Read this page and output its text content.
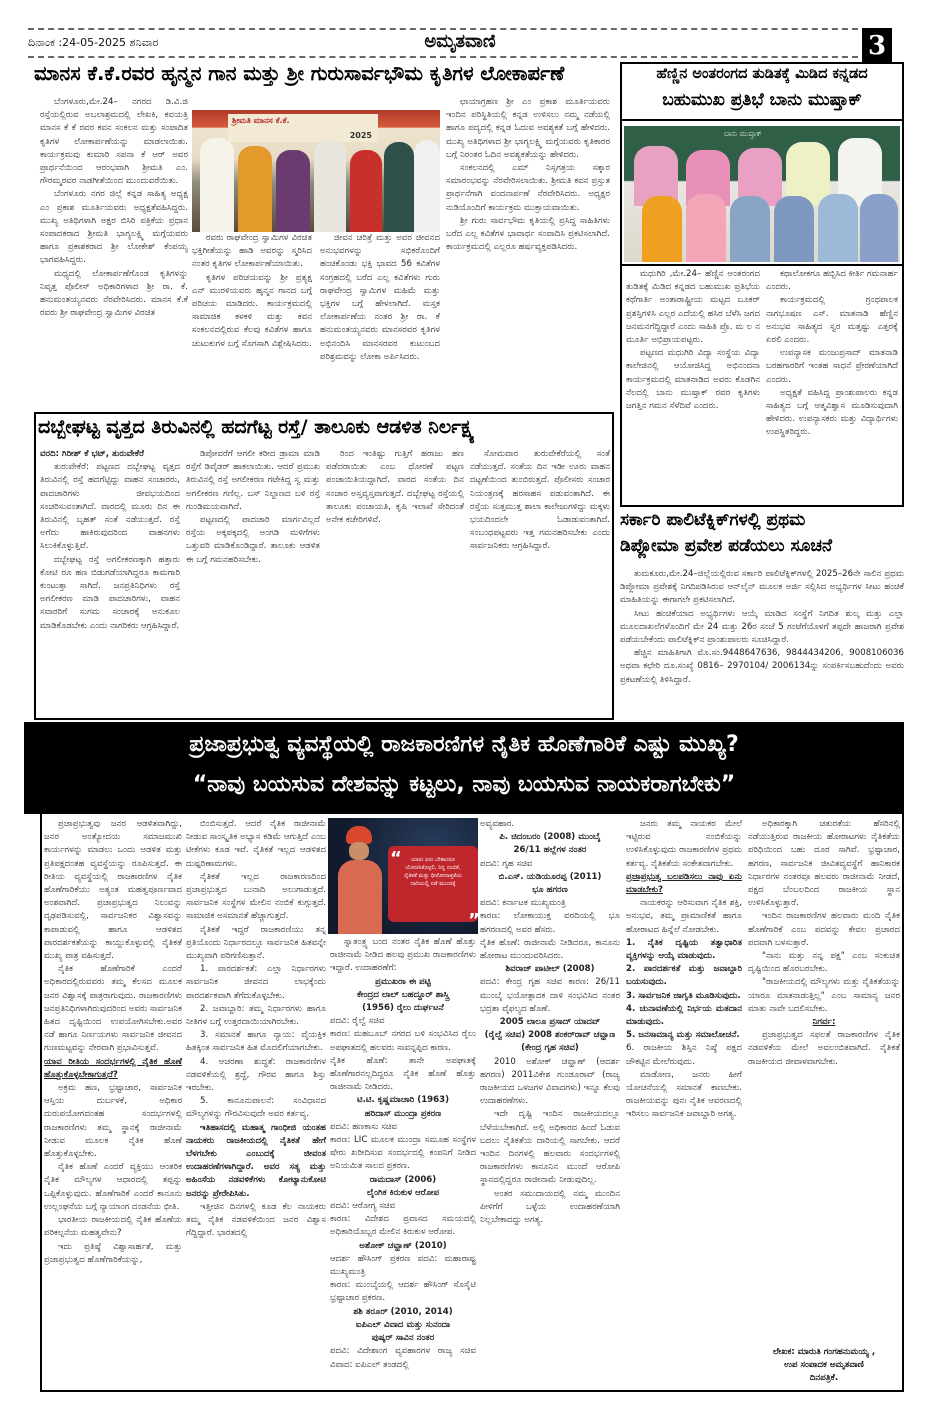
ದಿನಾಂಕ :24-05-2025 ಶನಿವಾರ	ಅಮೃತವಾಣಿ	3
ಮಾನಸ ಕೆ.ಕೆ.ರವರ ಹೃನ್ಮನ ಗಾನ ಮತ್ತು ಶ್ರೀ ಗುರುಸಾರ್ವಭೌಮ ಕೃತಿಗಳ ಲೋಕಾರ್ಪಣೆ

ಬೆಂಗಳೂರು,ಮೇ.24– ನಗರದ ಡಿ.ವಿ.ಜಿ ರಸ್ತೆಯಲ್ಲಿರುವ ಅಬಲಾಶ್ರಮದಲ್ಲಿ ಲೇಖಕಿ, ಕವಯತ್ರಿ ಮಾನಸ ಕೆ ಕೆ ರವರ ಕವನ ಸಂಕಲನ ಮತ್ತು ಸಂಪಾದಿತ ಕೃತಿಗಳ ಲೋಕಾರ್ಪಣೆಯನ್ನು ಮಾಡಲಾಯಿತು. ಕಾರ್ಯಕ್ರಮವು ಕುಮಾರಿ ಸಪನಾ ಕೆ ಆರ್ ಅವರ ಪ್ರಾರ್ಥನೆಯಿಂದ ಆರಂಭವಾಗಿ ಶ್ರೀಮತಿ ಎಂ. ಗೌರಮ್ಮರವರ ನಾಡಗೀತೆಯಿಂದ ಮುಂದುವರೆಯಿತು.

ಬೆಂಗಳೂರು ನಗರ ಜಿಲ್ಲೆ ಕನ್ನಡ ಸಾಹಿತ್ಯ ಅಧ್ಯಕ್ಷ ಎಂ ಪ್ರಕಾಶ ಮೂರ್ತಿಯವರು ಅಧ್ಯಕ್ಷತೆವಹಿಸಿದ್ದರು. ಮುಖ್ಯ ಅತಿಥಿಗಳಾಗಿ ಅಕ್ಷರ ಬಿಸಿರಿ ಪತ್ರಿಕೆಯ ಪ್ರಧಾನ ಸಂಪಾದಕರಾದ ಶ್ರೀಮತಿ ಭಾಗ್ಯಲಕ್ಷ್ಮಿ ಮಗ್ಗೆಯವರು ಹಾಗೂ ಪ್ರಕಾಶಕರಾದ ಶ್ರೀ ಲೋಕೇಶ್ ಕೆಂಪಯ್ಯ ಭಾಗವಹಿಸಿದ್ದರು.

ಮಧ್ಯದಲ್ಲಿ ಲೋಕಾರ್ಪಣೆಗೊಂಡ ಕೃತಿಗಳನ್ನು ನಿವೃತ್ತ ಪೊಲೀಸ್ ಅಧಿಕಾರಿಗಳಾದ ಶ್ರೀ ರಾ. ಕೆ. ಹನುಮಂತಯ್ಯನವರು ನೆರವೇರಿಸಿದರು. ಮಾನಸ ಕೆ.ಕೆ ರವರು ಶ್ರೀ ರಾಘವೇಂದ್ರ ಸ್ವಾಮಿಗಳ ವಿರಚಿತ

ಶ್ರೀಮತಿ ಮಾನಸ ಕೆ.ಕೆ.
2025

ರವರು ರಾಘವೇಂದ್ರ ಸ್ವಾಮಿಗಳ ವಿರಚಿತ ಭಕ್ತಿಗೀತೆಯನ್ನು ಹಾಡಿ ಅವರನ್ನು ಸ್ಮರಿಸಿದ ನಂತರ ಕೃತಿಗಳ ಲೋಕಾರ್ಪಣೆಯಾಯಿತು.

ಕೃತಿಗಳ ಪರಿಚಯವನ್ನು ಶ್ರೀ ಪ್ರತ್ಯಕ್ಷ ಎನ್ ಮುರಳಿಯವರು ಹೃನ್ಮನ ಗಾನದ ಬಗ್ಗೆ ಪರಿಚಯ ಮಾಡಿದರು. ಕಾರ್ಯಕ್ರಮದಲ್ಲಿ ಸಾಮಾಜಿಕ ಕಳಕಳಿ ಮತ್ತು ಕವನ ಸಂಕಲನದಲ್ಲಿರುವ ಕೆಲವು ಕವಿತೆಗಳ ಹಾಗೂ ಚುಟುಕುಗಳ ಬಗ್ಗೆ ಸೊಗಸಾಗಿ ವಿಶ್ಲೇಷಿಸಿದರು.

ಜೀವನ ಚರಿತ್ರೆ ಮತ್ತು ಅವರ ಜೀವನದ ಅನುಭವಗಳನ್ನು ಸಭಿಕರೊಂದಿಗೆ ಹಂಚಿಕೊಂಡು ಭಕ್ತಿ ಭಾವದ 56 ಕವಿತೆಗಳ ಸಂಗ್ರಹದಲ್ಲಿ ಬರೆದ ಎಲ್ಲ ಕವಿತೆಗಳು ಗುರು ರಾಘವೇಂದ್ರ ಸ್ವಾಮಿಗಳ ಮಹಿಮೆ ಮತ್ತು ಭಕ್ತಿಗಳ ಬಗ್ಗೆ ಹೇಳಲಾಗಿದೆ. ಮಸ್ತಕ ಲೋಕಾರ್ಪಣೆಯ ನಂತರ ಶ್ರೀ ರಾ. ಕೆ ಹನುಮಂತಯ್ಯನವರು ಮಾನಸರವರ ಕೃತಿಗಳ ಅಭಿನಂದಿಸಿ ಮಾನಸರವರ ಕುಟುಂಬದ ಪರಿಶ್ರಮವನ್ನು ಲೋಕಾ ಅರ್ಪಿಸಿದರು.

ಛಾಯಾಗ್ರಹಣ ಶ್ರೀ ಎಂ ಪ್ರಕಾಶ ಮೂರ್ತಿಯವರು ಇಂದಿನ ಪರಿಸ್ಥಿತಿಯಲ್ಲಿ ಕನ್ನಡ ಉಳಿಸಲು ನಮ್ಮ ನಡೆಯಲ್ಲಿ ಹಾಗೂ ಪದ್ಯದಲ್ಲಿ ಕನ್ನಡ ಓದುವ ಅವಶ್ಯಕತೆ ಬಗ್ಗೆ ಹೇಳಿದರು. ಮುಖ್ಯ ಅತಿಥಿಗಳಾದ ಶ್ರೀ ಭಾಗ್ಯಲಕ್ಷ್ಮಿ ಮಗ್ಗೆಯವರು ಕೃತಿಕಾರರ ಬಗ್ಗೆ ನಿರಂತರ ಓದಿನ ಅವಶ್ಯಕತೆಯನ್ನು ಹೇಳಿದರು.

ಸಂಕಲನದಲ್ಲಿ ಎಮ್ ನಿಸ್ಸಗತ್ರಯ ಸತ್ಕಾರ ಸಮಾರಂಭವನ್ನು ನೆರವೇರಿಸಲಾಯಿತು. ಶ್ರೀಮತಿ ಕವನ ಪ್ರಸ್ತುತ ಪ್ರಾರ್ಥನೆಗಾಗಿ ವಂದನಾರ್ಪಣೆ ನೆರವೇರಿಸಿದರು. ಅಧ್ಯಕ್ಷರ ನುಡಿಯೊಂದಿಗೆ ಕಾರ್ಯಕ್ರಮ ಮುಕ್ತಾಯವಾಯಿತು.

ಶ್ರೀ ಗುರು ಸಾರ್ವಭೌಮ ಕೃತಿಯಲ್ಲಿ ಪ್ರಸಿದ್ಧ ಸಾಹಿತಿಗಳು ಬರೆದ ಎಲ್ಲ ಕವಿತೆಗಳ ಭಾವಾರ್ಥ ಸಂಪಾದಿಸಿ ಪ್ರಕಟಿಸಲಾಗಿದೆ. ಕಾರ್ಯಕ್ರಮದಲ್ಲಿ ಎಲ್ಲರೂ ಹರ್ಷವ್ಯಕ್ತಪಡಿಸಿದರು.

ಹೆಣ್ಣಿನ ಅಂತರಂಗದ ತುಡಿತಕ್ಕೆ ಮಿಡಿದ ಕನ್ನಡದ
ಬಹುಮುಖ ಪ್ರತಿಭೆ ಬಾನು ಮುಷ್ತಾಕ್
ಬಾನು ಮುಷ್ತಾಕ್

ಮಧುಗಿರಿ ,ಮೇ.24– ಹೆಣ್ಣಿನ ಅಂತರಂಗದ ತುಡಿತಕ್ಕೆ ಮಿಡಿದ ಕನ್ನಡದ ಬಹುಮುಖ ಪ್ರತಿಭೆಯ ಕಥೆಗಾರ್ತಿ ಅಂತಾರಾಷ್ಟ್ರೀಯ ಮಟ್ಟದ ಬೂಕರ್ ಪ್ರಶಸ್ತಿಗಳಿಸಿ ಎಲ್ಲರ ಎದೆಯಲ್ಲಿ ಹಸಿರ ಬೆಳೆಸಿ ಜಗದ ಜನಮನಗೆದ್ದಿದ್ದಾರೆ ಎಂದು ಸಾಹಿತಿ ಪ್ರೊ. ಮ ಲ ನ ಮೂರ್ತಿ ಅಭಿಪ್ರಾಯಪಟ್ಟರು.

ಪಟ್ಟಣದ ಮಧುಗಿರಿ ವಿದ್ಯಾ ಸಂಸ್ಥೆಯ ವಿದ್ಯಾ ಕಾಲೇಜಿನಲ್ಲಿ ಆಯೋಜಿಸಿದ್ದ ಅಭಿನಂದನಾ ಕಾರ್ಯಕ್ರಮದಲ್ಲಿ ಮಾತನಾಡಿದ ಅವರು ಕೊಡಗಿನ ನೆಲದಲ್ಲಿ ಬಾನು ಮುಷ್ತಾಕ್ ರವರ ಕೃತಿಗಳು ಜಗತ್ತಿನ ಗಮನ ಸೆಳೆದಿವೆ ಎಂದರು.

ಕಥಾಲೋಕಗೂ ಹಬ್ಬಿಸಿದ ಕೀರ್ತಿ ಗಮನಾರ್ಹ ಎಂದರು.

ಕಾರ್ಯಕ್ರಮದಲ್ಲಿ ಗ್ರಂಥಪಾಲಕ ನಾಗಭೂಷಣ ಎಸ್. ಮಾತನಾಡಿ ಹೆಣ್ಣಿನ ಅನುಭವ ಸಾಹಿತ್ಯದ ಸ್ವರ ಮತ್ತಷ್ಟು ಎತ್ತರಕ್ಕೆ ಏರಲಿ ಎಂದರು.

ಉಪನ್ಯಾಸಕ ಮಂಜುಪ್ರಸಾದ್ ಮಾತನಾಡಿ ಬರಹಗಾರರಿಗೆ ಇಂತಹ ಸಾಧನೆ ಪ್ರೇರಣೆಯಾಗಿದೆ ಎಂದರು.

ಅಧ್ಯಕ್ಷತೆ ವಹಿಸಿದ್ದ ಪ್ರಾಂಶುಪಾಲರು ಕನ್ನಡ ಸಾಹಿತ್ಯದ ಬಗ್ಗೆ ಆತ್ಮವಿಶ್ವಾಸ ಮೂಡಿಸುವುದಾಗಿ ಹೇಳಿದರು. ಉಪನ್ಯಾಸಕರು ಮತ್ತು ವಿದ್ಯಾರ್ಥಿಗಳು ಉಪಸ್ಥಿತರಿದ್ದರು.

ಸರ್ಕಾರಿ ಪಾಲಿಟೆಕ್ನಿಕ್‌ಗಳಲ್ಲಿ ಪ್ರಥಮ
ಡಿಪ್ಲೋಮಾ ಪ್ರವೇಶ ಪಡೆಯಲು ಸೂಚನೆ

ತುಮಕೂರು,ಮೇ.24–ಜಿಲ್ಲೆಯಲ್ಲಿರುವ ಸರ್ಕಾರಿ ಪಾಲಿಟೆಕ್ನಿಕ್‌ಗಳಲ್ಲಿ 2025–26ನೇ ಸಾಲಿನ ಪ್ರಥಮ ಡಿಪ್ಲೋಮಾ ಪ್ರವೇಶಕ್ಕೆ ನಿಗದಿಪಡಿಸಿರುವ ಆನ್‌ಲೈನ್ ಮೂಲಕ ಅರ್ಜಿ ಸಲ್ಲಿಸಿದ ಅಭ್ಯರ್ಥಿಗಳ ಸೀಟು ಹಂಚಿಕೆ ಮಾಹಿತಿಯನ್ನು ಈಗಾಗಲೇ ಪ್ರಕಟಿಸಲಾಗಿದೆ.

ಸೀಟು ಹಂಚಿಕೆಯಾದ ಅಭ್ಯರ್ಥಿಗಳು ಆಯ್ಕೆ ಮಾಡಿದ ಸಂಸ್ಥೆಗೆ ನಿಗದಿತ ಶುಲ್ಕ ಮತ್ತು ಎಲ್ಲಾ ಮೂಲದಾಖಲೆಗಳೊಂದಿಗೆ ಮೇ 24 ಮತ್ತು 26ರ ಸಂಜೆ 5 ಗಂಟೆಗೆಯೊಳಗೆ ತಪ್ಪದೇ ಹಾಜರಾಗಿ ಪ್ರವೇಶ ಪಡೆಯಬೇಕೆಂದು ಪಾಲಿಟೆಕ್ನಿಕ್‌ನ ಪ್ರಾಂಶುಪಾಲರು ಸೂಚಿಸಿದ್ದಾರೆ.

ಹೆಚ್ಚಿನ ಮಾಹಿತಿಗಾಗಿ ಮೊ.ಸಂ.9448647636, 9844434206, 9008106036 ಅಥವಾ ಕಛೇರಿ ದೂ.ಸಂಖ್ಯೆ 0816– 2970104/ 2006134ನ್ನು ಸಂಪರ್ಕಿಸಬಹುದೆಂದು ಅವರು ಪ್ರಕಟಣೆಯಲ್ಲಿ ತಿಳಿಸಿದ್ದಾರೆ.

ದಬ್ಬೇಘಟ್ಟ ವೃತ್ತದ ತಿರುವಿನಲ್ಲಿ ಹದಗೆಟ್ಟ ರಸ್ತೆ/ ತಾಲೂಕು ಆಡಳಿತ ನಿರ್ಲಕ್ಷ್ಯ

ವರದಿ: ಗಿರೀಶ್ ಕೆ ಭಟ್, ತುರುವೇಕೆರೆ

ತುರುವೇಕೆರೆ: ಪಟ್ಟಣದ ದಬ್ಬೇಘಟ್ಟ ವೃತ್ತದ ತಿರುವಿನಲ್ಲಿ ರಸ್ತೆ ಹದಗೆಟ್ಟಿದ್ದು ವಾಹನ ಸಂಚಾರರು, ಪಾದಚಾರಿಗಳು ಜೀವಭಯದಿಂದ ಸಂಚರಿಸುವಂತಾಗಿದೆ. ವಾರದಲ್ಲಿ ಮೂರು ದಿನ ಈ ತಿರುವಿನಲ್ಲಿ ಬೃಹತ್ ಸಂತೆ ನಡೆಯುತ್ತದೆ. ರಸ್ತೆ ಅಗೆದು ಹಾಕಿರುವುದರಿಂದ ವಾಹನಗಳು ಸಿಲುಕಿಕೊಳ್ಳುತ್ತಿವೆ.

ದಬ್ಬೇಘಟ್ಟ ರಸ್ತೆ ಅಗಲೀಕರಣಕ್ಕಾಗಿ ಹತ್ತಾರು ಕೋಟಿ ರೂ ಹಣ ಬಿಡುಗಡೆಯಾಗಿದ್ದರೂ ಕಾಮಗಾರಿ ಕುಂಟುತ್ತಾ ಸಾಗಿದೆ. ಜನಪ್ರತಿನಿಧಿಗಳು ರಸ್ತೆ ಅಗಲೀಕರಣ ಮಾಡಿ ಪಾದಚಾರಿಗಳು, ವಾಹನ ಸವಾರರಿಗೆ ಸುಗಮ ಸಂಚಾರಕ್ಕೆ ಅನುಕೂಲ ಮಾಡಿಕೊಡಬೇಕು ಎಂದು ನಾಗರಿಕರು ಆಗ್ರಹಿಸಿದ್ದಾರೆ.

ಡಿಪೋವರೆಗೆ ಆಗಲೀ ಕರೀದ ಡ್ರಾಮಾ ಮಾಡಿ ರಸ್ತೆಗೆ ಡಿವೈಡರ್ ಹಾಕಲಾಯಿತು. ಆದರೆ ಪ್ರಮುಖ ತಿರುವಿನಲ್ಲಿ ರಸ್ತೆ ಅಗಲೀಕರಣ ಗಟೇಕಿದ್ದ ಸ್ವ ಮತ್ತು ಅಗಲೀಕರಣ ಗಣಿಲ್ಲ. ಬಸ್ ನಿಲ್ದಾಣದ ಬಳಿ ರಸ್ತೆ ಗುಂಡಿಮಯವಾಗಿದೆ.

ಪಟ್ಟಣದಲ್ಲಿ ಪಾದಚಾರಿ ಮಾರ್ಗವಿಲ್ಲದೆ ರಸ್ತೆಯ ಅಕ್ಕಪಕ್ಕದಲ್ಲಿ ಅಂಗಡಿ ಮಳಿಗೆಗಳು ಒತ್ತುವರಿ ಮಾಡಿಕೊಂಡಿದ್ದಾರೆ. ತಾಲೂಕು ಆಡಳಿತ ಈ ಬಗ್ಗೆ ಗಮನಹರಿಸಬೇಕು.

ರಿಂದ ಇಂತಿಷ್ಟು ಗುತ್ತಿಗೆ ಹರಾಜು ಹಣ ಪಡೆದರಾಯಿತು ಎಂಬ ಧೋರಣೆ ಪಟ್ಟಣ ಪಂಚಾಯಿತಿಯದ್ದಾಗಿದೆ. ವಾರದ ಸಂತೆಯ ದಿನ ಸಂಚಾರ ಅಸ್ತವ್ಯಸ್ತವಾಗುತ್ತದೆ. ದಬ್ಬೇಘಟ್ಟ ರಸ್ತೆಯಲ್ಲಿ ತಾಲೂಕು ಪಂಚಾಯತಿ, ಕೃಷಿ ಇಲಾಖೆ ಸೇರಿದಂತೆ ಅನೇಕ ಕಚೇರಿಗಳಿವೆ.

ಸೋಮವಾರ ತುರುವೇಕೆರೆಯಲ್ಲಿ ಸಂತೆ ನಡೆಯುತ್ತದೆ. ಸಂತೆಯ ದಿನ ಇಡೀ ಊರು ವಾಹನ ದಟ್ಟಣೆಯಿಂದ ತುಂಬಿರುತ್ತದೆ. ಪೊಲೀಸರು ಸಂಚಾರ ನಿಯಂತ್ರಣಕ್ಕೆ ಹರಸಾಹಸ ಪಡುವಂತಾಗಿದೆ. ಈ ರಸ್ತೆಯ ಸುತ್ತಮುತ್ತ ಶಾಲಾ ಕಾಲೇಜುಗಳಿದ್ದು ಮಕ್ಕಳು ಭಯದಿಂದಲೇ ಓಡಾಡುವಂತಾಗಿದೆ. ಸಂಬಂಧಪಟ್ಟವರು ಇತ್ತ ಗಮನಹರಿಸಬೇಕು ಎಂದು ಸಾರ್ವಜನಿಕರು ಆಗ್ರಹಿಸಿದ್ದಾರೆ.

ಪ್ರಜಾಪ್ರಭುತ್ವ ವ್ಯವಸ್ಥೆಯಲ್ಲಿ ರಾಜಕಾರಣಿಗಳ ನೈತಿಕ ಹೊಣೆಗಾರಿಕೆ ಎಷ್ಟು ಮುಖ್ಯ?
“ನಾವು ಬಯಸುವ ದೇಶವನ್ನು ಕಟ್ಟಲು, ನಾವು ಬಯಸುವ ನಾಯಕರಾಗಬೇಕು”

ಪ್ರಜಾಪ್ರಭುತ್ವವು ಜನರ ಆಡಳಿತವಾಗಿದ್ದು, ಜನರ ಅಂತ್ಯೋದಯ ಸಮಾಜಮುಖಿ ಕಾರ್ಯಗಳನ್ನು ಮಾಡಲು ಒಂದು ಆಡಳಿತ ಮತ್ತು ಪ್ರತಿಪಕ್ಷದಂತಹ ವ್ಯವಸ್ಥೆಯನ್ನು ರೂಪಿಸುತ್ತದೆ. ಈ ರೀತಿಯ ವ್ಯವಸ್ಥೆಯಲ್ಲಿ ರಾಜಕಾರಣಿಗಳ ನೈತಿಕ ಹೊಣೆಗಾರಿಕೆಯು ಅತ್ಯಂತ ಮಹತ್ವಪೂರ್ಣವಾದ ಅಂಶವಾಗಿದೆ. ಪ್ರಜಾಪ್ರಭುತ್ವದ ನಿಲುವನ್ನು ದೃಢಪಡಿಸುವಲ್ಲಿ, ಸಾರ್ವಜನಿಕರ ವಿಶ್ವಾಸವನ್ನು ಕಾಪಾಡುವಲ್ಲಿ ಹಾಗೂ ಆಡಳಿತದ ಪಾರದರ್ಶಕತೆಯನ್ನು ಕಾಯ್ದುಕೊಳ್ಳುವಲ್ಲಿ ನೈತಿಕತೆ ಮುಖ್ಯ ಪಾತ್ರ ವಹಿಸುತ್ತದೆ.

ನೈತಿಕ ಹೊಣೆಗಾರಿಕೆ ಎಂದರೆ ಅಧಿಕಾರದಲ್ಲಿರುವವರು ತಮ್ಮ ಕೆಲಸದ ಮೂಲಕ ಜನರ ವಿಶ್ವಾಸಕ್ಕೆ ಪಾತ್ರರಾಗುವುದು. ರಾಜಕಾರಣಿಗಳು ಜನಪ್ರತಿನಿಧಿಗಳಾಗಿರುವುದರಿಂದ ಅವರು ಸಾರ್ವಜನಿಕ ಹಿತದ ದೃಷ್ಟಿಯಿಂದ ಉಪಯೋಗಿಸಬೇಕು.ಅವರ ನಡೆ ಹಾಗೂ ನಿರ್ಣಯಗಳು ಸಾರ್ವಜನಿಕ ಜೀವನದ ಗುಣಮಟ್ಟವನ್ನು ನೇರವಾಗಿ ಪ್ರಭಾವಿಸುತ್ತವೆ.

ಯಾವ ರೀತಿಯ ಸಂದರ್ಭಗಳಲ್ಲಿ ನೈತಿಕ ಹೊಣೆ ಹೊತ್ತುಕೊಳ್ಳಬೇಕಾಗುತ್ತದೆ?

ಅಕ್ರಮ ಹಣ, ಭ್ರಷ್ಟಾಚಾರ, ಸಾರ್ವಜನಿಕ ಆಸ್ತಿಯ ದುರ್ಬಳಕೆ, ಅಧಿಕಾರ ದುರುಪಯೋಗದಂತಹ ಸಂದರ್ಭಗಳಲ್ಲಿ ರಾಜಕಾರಣಿಗಳು ತಮ್ಮ ಸ್ಥಾನಕ್ಕೆ ರಾಜೀನಾಮೆ ನೀಡುವ ಮೂಲಕ ನೈತಿಕ ಹೊಣೆ ಹೊತ್ತುಕೊಳ್ಳಬೇಕು.

ನೈತಿಕ ಹೊಣೆ ಎಂದರೆ ವ್ಯಕ್ತಿಯು ಆಂತರಿಕ ನೈತಿಕ ಮೌಲ್ಯಗಳ ಆಧಾರದಲ್ಲಿ ತಪ್ಪನ್ನು ಒಪ್ಪಿಕೊಳ್ಳುವುದು. ಹೊಣೆಗಾರಿಕೆ ಎಂದರೆ ಕಾನೂನು ಉಲ್ಲಂಘನೆಯ ಬಗ್ಗೆ ನ್ಯಾಯಾಂಗ ದಂಡನೆಯ ಭೀತಿ.

ಭಾರತೀಯ ರಾಜಕೀಯದಲ್ಲಿ ನೈತಿಕ ಹೊಣೆಯ ಪರಿಕಲ್ಪನೆಯ ಮಹತ್ವವೇನು?

ಇದು ಪ್ರತಿಷ್ಠೆ ವಿಶ್ವಾಸಾರ್ಹತೆ, ಮತ್ತು ಪ್ರಜಾಪ್ರಭುತ್ವದ ಹೊಣೆಗಾರಿಕೆಯನ್ನು,

ಬಿಂಬಿಸುತ್ತದೆ. ಆದರೆ ನೈತಿಕ ರಾಜೀನಾಮೆ ನೀಡುವ ಸಾಂಸ್ಕೃತಿಕ ಅಭ್ಯಾಸ ಕಡಿಮೆ ಆಗುತ್ತಿದೆ ಎಂಬ ಟೀಕೆಗಳು ಕೂಡ ಇವೆ. ನೈತಿಕತೆ ಇಲ್ಲದ ಆಡಳಿತದ ದುಷ್ಪರಿಣಾಮಗಳು.

ನೈತಿಕತೆ ಇಲ್ಲದ ರಾಜಕಾರಣದಿಂದ ಪ್ರಜಾಪ್ರಭುತ್ವದ ಬುನಾದಿ ಅಲುಗಾಡುತ್ತದೆ. ಸಾರ್ವಜನಿಕ ಸಂಸ್ಥೆಗಳ ಮೇಲಿನ ನಂಬಿಕೆ ಕುಗ್ಗುತ್ತದೆ. ಸಾಮಾಜಿಕ ಅಸಮಾನತೆ ಹೆಚ್ಚಾಗುತ್ತದೆ.

ನೈತಿಕತೆ ಇದ್ದರೆ ರಾಜಕಾರಣಿಯು ತನ್ನ ಪ್ರತಿಯೊಂದು ನಿರ್ಧಾರದಲ್ಲೂ ಸಾರ್ವಜನಿಕ ಹಿತವನ್ನೇ ಮುಖ್ಯವಾಗಿ ಪರಿಗಣಿಸುತ್ತಾನೆ.

1. ಪಾರದರ್ಶಕತೆ: ಎಲ್ಲಾ ನಿರ್ಧಾರಗಳು ಸಾರ್ವಜನಿಕ ಜೀವನದ ಲಾಭಕ್ಕೆಂದು ಪಾರದರ್ಶಕವಾಗಿ ತೆಗೆದುಕೊಳ್ಳಬೇಕು.

2. ಜವಾಬ್ದಾರಿ: ತಮ್ಮ ನಿರ್ಧಾರಗಳು ಹಾಗೂ ನೀತಿಗಳ ಬಗ್ಗೆ ಉತ್ತರದಾಯಿಯಾಗಿರಬೇಕು.

3. ಸಮಾನತೆ ಹಾಗೂ ನ್ಯಾಯ: ವೈಯಕ್ತಿಕ ಹಿತಕ್ಕಿಂತ ಸಾರ್ವಜನಿಕ ಹಿತ ಮೊದಲಿಗೆಯಾಗಬೇಕು.

4. ಆಚರಣಾ ಶುದ್ಧತೆ: ರಾಜಕಾರಣಿಗಳ ನಡವಳಿಕೆಯಲ್ಲಿ ಶ್ರದ್ಧೆ, ಗೌರವ ಹಾಗೂ ಶಿಸ್ತು ಇರಬೇಕು.

5. ಕಾನೂನುಪಾಲನೆ: ಸಂವಿಧಾನದ ಮೌಲ್ಯಗಳನ್ನು ಗೌರವಿಸುವುದೇ ಅವರ ಕರ್ತವ್ಯ.

ಇತಿಹಾಸದಲ್ಲಿ ಮಹಾತ್ಮ ಗಾಂಧೀಜಿ ಯಂತಹ ನಾಯಕರು ರಾಜಕೀಯದಲ್ಲಿ ನೈತಿಕತೆ ಹೇಗೆ ಬೆಳಗಬೇಕು ಎಂಬುದಕ್ಕೆ ಜೀವಂತ ಉದಾಹರಣೆಗಳಾಗಿದ್ದಾರೆ. ಅವರ ಸತ್ಯ ಮತ್ತು ಅಹಿಂಸೆಯ ನಡವಳಿಕೆಗಳು ಕೋಟ್ಯಾನುಕೋಟಿ ಜನರನ್ನು ಪ್ರೇರೇಪಿಸಿತು.

ಇತ್ತೀಚಿನ ದಿನಗಳಲ್ಲಿ ಕೂಡ ಕೆಲ ನಾಯಕರು ತಮ್ಮ ನೈತಿಕ ನಡವಳಿಕೆಯಿಂದ ಜನರ ವಿಶ್ವಾಸ ಗೆದ್ದಿದ್ದಾರೆ. ಭಾರತದಲ್ಲಿ

“	ಯಾರು ಏನು ಬೇಕಾದರೂ ಯೋಚಿಸಿಕೊಳ್ಳಲಿ, ನಿನ್ನ ನಂಬಿಕೆ, ನೈತಿಕತೆ ಮತ್ತು ಧೀರೋದಾತ್ತತೆಯ ದಾರಿಯಲ್ಲಿ ನಡೆ ಮುಂದಕ್ಕೆ
”

ಸ್ವಾತಂತ್ರ್ಯ ಬಂದ ನಂತರ ನೈತಿಕ ಹೊಣೆ ಹೊತ್ತು ರಾಜೀನಾಮೆ ನೀಡಿದ ಹಲವು ಪ್ರಮುಖ ರಾಜಕಾರಣಿಗಳು ಇದ್ದಾರೆ. ಉದಾಹರಣೆಗೆ:

ಪ್ರಮುಖರಾ ಈ ಪಟ್ಟಿ

ಕೇಂದ್ರದ ಲಾಲ್ ಬಹದ್ದೂರ್ ಶಾಸ್ತ್ರಿ

(1956) ರೈಲು ದುರ್ಘಟನೆ

ಪದವಿ: ರೈಲ್ವೆ ಸಚಿವ

ಕಾರಣ: ಮಹಬೂಬ್ ನಗರದ ಬಳಿ ಸಂಭವಿಸಿದ ರೈಲು ಅಪಘಾತದಲ್ಲಿ ಹಲವರು ಸಾವನ್ನಪ್ಪಿದ ಕಾರಣ.

ನೈತಿಕ ಹೊಣೆ: ತಾನೇ ಅಪಘಾತಕ್ಕೆ ಹೊಣೆಗಾರನಲ್ಲದಿದ್ದರೂ ನೈತಿಕ ಹೊಣೆ ಹೊತ್ತು ರಾಜೀನಾಮೆ ನೀಡಿದರು.

ಟಿ.ಟಿ. ಕೃಷ್ಣಮಾಚಾರಿ (1963)

ಹರಿದಾಸ್ ಮುಂದ್ರಾ ಪ್ರಕರಣ

ಪದವಿ: ಹಣಕಾಸು ಸಚಿವ

ಕಾರಣ: LIC ಮೂಲಕ ಮುಂದ್ರಾ ಸಮೂಹ ಸಂಸ್ಥೆಗಳ ಷೇರು ಖರೀದಿಸುವ ಸಂದರ್ಭದಲ್ಲಿ ಕಂಪನಿಗೆ ನೀಡಿದ ಅನಿಯಮಿತ ಸಾಲದ ಪ್ರಕರಣ.

ರಾಮದಾಸ್ (2006)

ಲೈಂಗಿಕ ಕಿರುಕುಳ ಆರೋಪ

ಪದವಿ: ಆರೋಗ್ಯ ಸಚಿವ

ಕಾರಣ: ವಿದೇಶದ ಪ್ರವಾಸದ ಸಮಯದಲ್ಲಿ ಅಧಿಕಾರಿಯೊಬ್ಬರ ಮೇಲಿನ ಕಿರುಕುಳ ಆರೋಪ.

ಅಶೋಕ್ ಚವ್ಹಾಣ್ (2010)

ಆದರ್ಶ ಹೌಸಿಂಗ್ ಪ್ರಕರಣ ಪದವಿ: ಮಹಾರಾಷ್ಟ್ರ ಮುಖ್ಯಮಂತ್ರಿ

ಕಾರಣ: ಮುಂಬೈಯಲ್ಲಿ ಆದರ್ಶ ಹೌಸಿಂಗ್ ಸೊಸೈಟಿ ಭ್ರಷ್ಟಾಚಾರ ಪ್ರಕರಣ.

ಶಶಿ ತರೂರ್ (2010, 2014)

ಐಪಿಎಲ್ ವಿವಾದ ಮತ್ತು ಸುನಂದಾ

ಪುಷ್ಕರ್ ಸಾವಿನ ನಂತರ

ಪದವಿ: ವಿದೇಶಾಂಗ ವ್ಯವಹಾರಗಳ ರಾಜ್ಯ ಸಚಿವ ವಿವಾದ: ಐಪಿಎಲ್ ತಂಡದಲ್ಲಿ

ಅವ್ಯವಹಾರ.

ಪಿ. ಚಿದಂಬರಂ (2008) ಮುಂಬೈ

26/11 ಹಲ್ಲೆಗಳ ನಂತರ

ಪದವಿ: ಗೃಹ ಸಚಿವ

ಬಿ.ಎಸ್. ಯಡಿಯೂರಪ್ಪ (2011)

ಭೂ ಹಗರಣ

ಪದವಿ: ಕರ್ನಾಟಕ ಮುಖ್ಯಮಂತ್ರಿ

ಕಾರಣ: ಲೋಕಾಯುಕ್ತ ವರದಿಯಲ್ಲಿ ಭೂ ಹಗರಣದಲ್ಲಿ ಅವರ ಹೆಸರು.

ನೈತಿಕ ಹೊಣೆ: ರಾಜೀನಾಮೆ ನೀಡಿದರೂ, ಕಾನೂನು ಹೋರಾಟ ಮುಂದುವರಿಸಿದರು.

ಶಿವರಾಜ್ ಪಾಟೀಲ್ (2008)

ಪದವಿ: ಕೇಂದ್ರ ಗೃಹ ಸಚಿವ ಕಾರಣ: 26/11 ಮುಂಬೈ ಭಯೋತ್ಪಾದಕ ದಾಳಿ ಸಂಭವಿಸಿದ ನಂತರ ಭದ್ರತಾ ವೈಫಲ್ಯದ ಹೊಣೆ.

2005 ಲಾಲೂ ಪ್ರಸಾದ್ ಯಾದವ್

(ರೈಲ್ವೆ ಸಚಿವ) 2008 ಶಂಕರ್‌ರಾವ್ ಚವ್ಹಾಣ (ಕೇಂದ್ರ ಗೃಹ ಸಚಿವ)

2010 ಅಶೋಕ್ ಚವ್ಹಾಣ್ (ಆದರ್ಶ ಹಗರಣ) 2011ವಿಕೇಶ ಗುಂಡೂರಾವ್ (ರಾಜ್ಯ ರಾಜಕೀಯದ ಒಳಜಗಳ ವಿವಾದಗಳು) ಇನ್ನೂ ಕೆಲವು ಉದಾಹರಣೆಗಳು.

ಇದೇ ದೃಷ್ಟಿ ಇಂದಿನ ರಾಜಕೀಯದಲ್ಲೂ ಬೆಳೆಯಬೇಕಾಗಿದೆ. ಅಲ್ಲಿ ಅಧಿಕಾರದ ಹಿಂದೆ ಓಡುವ ಬದಲು ನೈತಿಕತೆಯ ದಾರಿಯಲ್ಲಿ ಸಾಗಬೇಕು. ಆದರೆ ಇಂದಿನ ದಿನಗಳಲ್ಲಿ ಹಲವಾರು ಸಂದರ್ಭಗಳಲ್ಲಿ ರಾಜಕಾರಣಿಗಳು ಕಾನೂನಿನ ಮುಂದೆ ಆರೋಪಿ ಸ್ಥಾನದಲ್ಲಿದ್ದರೂ ರಾಜೀನಾಮೆ ನೀಡುವುದಿಲ್ಲ.

ಅಂತರ ಸಮುದಾಯದಲ್ಲಿ ನಮ್ಮ ಮುಂದಿನ ಪೀಳಿಗೆಗೆ ಒಳ್ಳೆಯ ಉದಾಹರಣೆಯಾಗಿ ನಿಲ್ಲಬೇಕಾದದ್ದು ಅಗತ್ಯ.

ಜನರು ತಮ್ಮ ನಾಯಕರ ಮೇಲೆ ಇಟ್ಟಿರುವ ನಂಬಿಕೆಯನ್ನು ಉಳಿಸಿಕೊಳ್ಳುವುದು ರಾಜಕಾರಣಿಗಳ ಪ್ರಥಮ ಕರ್ತವ್ಯ. ನೈತಿಕತೆಯ ಸಂಕೇತವಾಗಬೇಕು.

ಪ್ರಜಾಪ್ರಭುತ್ವ ಬಲಪಡಿಸಲು ನಾವು ಏನು ಮಾಡಬೇಕು?

ನಾಯಕರನ್ನು ಆರಿಸುವಾಗ ನೈತಿಕ ಶಕ್ತಿ, ಅನುಭವ, ತಮ್ಮ ಪ್ರಾಮಾಣಿಕತೆ ಹಾಗೂ ಹೋರಾಟದ ಹಿನ್ನೆಲೆ ನೋಡಬೇಕು.

1. ನೈತಿಕ ದೃಷ್ಟಿಯ ತತ್ವಾಧಾರಿತ ವ್ಯಕ್ತಿಗಳನ್ನು ಆಯ್ಕೆ ಮಾಡುವುದು.

2. ಪಾರದರ್ಶಕತೆ ಮತ್ತು ಜವಾಬ್ದಾರಿ ಬಯಸುವುದು.

3. ಸಾರ್ವಜನಿಕ ಜಾಗೃತಿ ಮೂಡಿಸುವುದು.

4. ಚುನಾವಣೆಯಲ್ಲಿ ನಿರ್ಭಯ ಮತದಾನ ಮಾಡುವುದು.

5. ಜನಸಾಮಾನ್ಯ ಮತ್ತು ಸಮಾಲೋಚನೆ.

6. ರಾಜಕೀಯ ಶಿಸ್ತಿನ ನಿಷ್ಠೆ ಪಕ್ಷದ ಚೌಕಟ್ಟಿನ ಮೇಲೆರುವುದು.

ಮಾಡೋಣ, ಜನರು ಹೀಗೆ ಯೋಚನೆಯಲ್ಲಿ ಸಮಾನತೆ ಕಾಣಬೇಕು. ರಾಜಕೀಯವನ್ನು ಪುನಃ ನೈತಿಕ ಆವರಣದಲ್ಲಿ ಇರಿಸಲು ಸಾರ್ವಜನಿಕ ಜವಾಬ್ದಾರಿ ಅಗತ್ಯ.

ಅಧಿಕಾರಕ್ಕಾಗಿ ಚತುರತೆಯ ಹೆಸರಿನಲ್ಲಿ ನಡೆಯುತ್ತಿರುವ ರಾಜಕೀಯ ಹೋರಾಟಗಳು ನೈತಿಕತೆಯ ಪರಿಧಿಯಿಂದ ಬಹು ದೂರ ಸಾಗಿವೆ. ಭ್ರಷ್ಟಾಚಾರ, ಹಗರಣ, ಸಾರ್ವಜನಿಕ ಜೀವಿತವ್ಯವಸ್ಥೆಗೆ ಹಾನಿಕಾರಕ ನಿರ್ಧಾರಗಳ ನಂತರವೂ ಹಲವರು ರಾಜೀನಾಮೆ ನೀಡದೆ, ಪಕ್ಷದ ಬೆಂಬಲದಿಂದ ರಾಜಕೀಯ ಸ್ಥಾನ ಉಳಿಸಿಕೊಳ್ಳುತ್ತಾರೆ.

ಇಂದಿನ ರಾಜಕಾರಣಿಗಳ ಹಲವಾರು ಮಂದಿ ನೈತಿಕ ಹೊಣೆಗಾರಿಕೆ ಎಂಬ ಪದವನ್ನು ಕೇವಲ ಪ್ರಚಾರದ ಪದವಾಗಿ ಬಳಸುತ್ತಾರೆ.

"ನಾನು ಮತ್ತು ನನ್ನ ಪಕ್ಷ" ಎಂಬ ಸಂಕುಚಿತ ದೃಷ್ಟಿಯಿಂದ ಹೊರಬರಬೇಕು.

"ರಾಜಕೀಯದಲ್ಲಿ ಮೌಲ್ಯಗಳು ಮತ್ತು ನೈತಿಕತೆಯನ್ನು ಯಾರೂ ಮಾತನಾಡುತ್ತಿಲ್ಲ" ಎಂಬ ಸಾಮಾನ್ಯ ಜನರ ಮಾತು ನಾವೇ ಬದಲಿಸಬೇಕು.

ನಿಗರ್ವ:

ಪ್ರಜಾಪ್ರಭುತ್ವದ ಸಫಲತೆ ರಾಜಕಾರಣಿಗಳ ನೈತಿಕ ನಡವಳಿಕೆಯ ಮೇಲೆ ಅವಲಂಬಿತವಾಗಿದೆ. ನೈತಿಕತೆ ರಾಜಕೀಯದ ಜೀವಾಳವಾಗಬೇಕು.

ಲೇಖಕ: ಮಾರುತಿ ಗಂಗಹನುಮಯ್ಯ ,
ಉಪ ಸಂಪಾದಕ ಅಮೃತವಾಣಿ
ದಿನಪತ್ರಿಕೆ.
